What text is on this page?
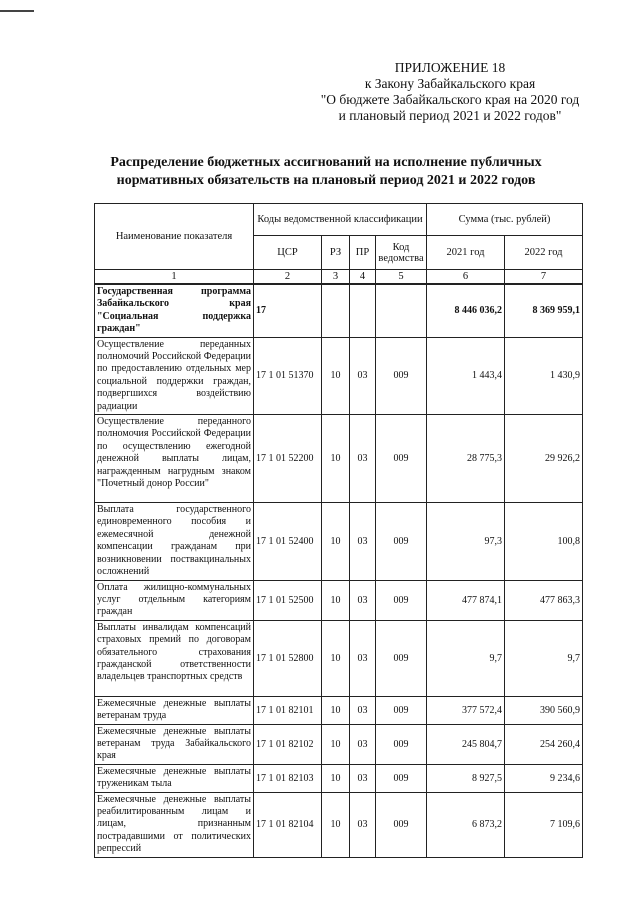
ПРИЛОЖЕНИЕ 18
к Закону Забайкальского края
"О бюджете Забайкальского края на 2020 год
и плановый период 2021 и 2022 годов"
Распределение бюджетных ассигнований на исполнение публичных
нормативных обязательств на плановый период 2021 и 2022 годов
Наименование показателя	Коды ведомственной классификации				Сумма (тыс. рублей)	
	ЦСР	РЗ	ПР	Код ведомства	2021 год	2022 год
1	2	3	4	5	6	7
Государственная программа Забайкальского края "Социальная поддержка граждан"	17				8 446 036,2	8 369 959,1
Осуществление переданных полномочий Российской Федерации по предоставлению отдельных мер социальной поддержки граждан, подвергшихся воздействию радиации	17 1 01 51370	10	03	009	1 443,4	1 430,9
Осуществление переданного полномочия Российской Федерации по осуществлению ежегодной денежной выплаты лицам, награжденным нагрудным знаком "Почетный донор России"	17 1 01 52200	10	03	009	28 775,3	29 926,2
Выплата государственного единовременного пособия и ежемесячной денежной компенсации гражданам при возникновении поствакцинальных осложнений	17 1 01 52400	10	03	009	97,3	100,8
Оплата жилищно-коммунальных услуг отдельным категориям граждан	17 1 01 52500	10	03	009	477 874,1	477 863,3
Выплаты инвалидам компенсаций страховых премий по договорам обязательного страхования гражданской ответственности владельцев транспортных средств	17 1 01 52800	10	03	009	9,7	9,7
Ежемесячные денежные выплаты ветеранам труда	17 1 01 82101	10	03	009	377 572,4	390 560,9
Ежемесячные денежные выплаты ветеранам труда Забайкальского края	17 1 01 82102	10	03	009	245 804,7	254 260,4
Ежемесячные денежные выплаты труженикам тыла	17 1 01 82103	10	03	009	8 927,5	9 234,6
Ежемесячные денежные выплаты реабилитированным лицам и лицам, признанным пострадавшими от политических репрессий	17 1 01 82104	10	03	009	6 873,2	7 109,6
